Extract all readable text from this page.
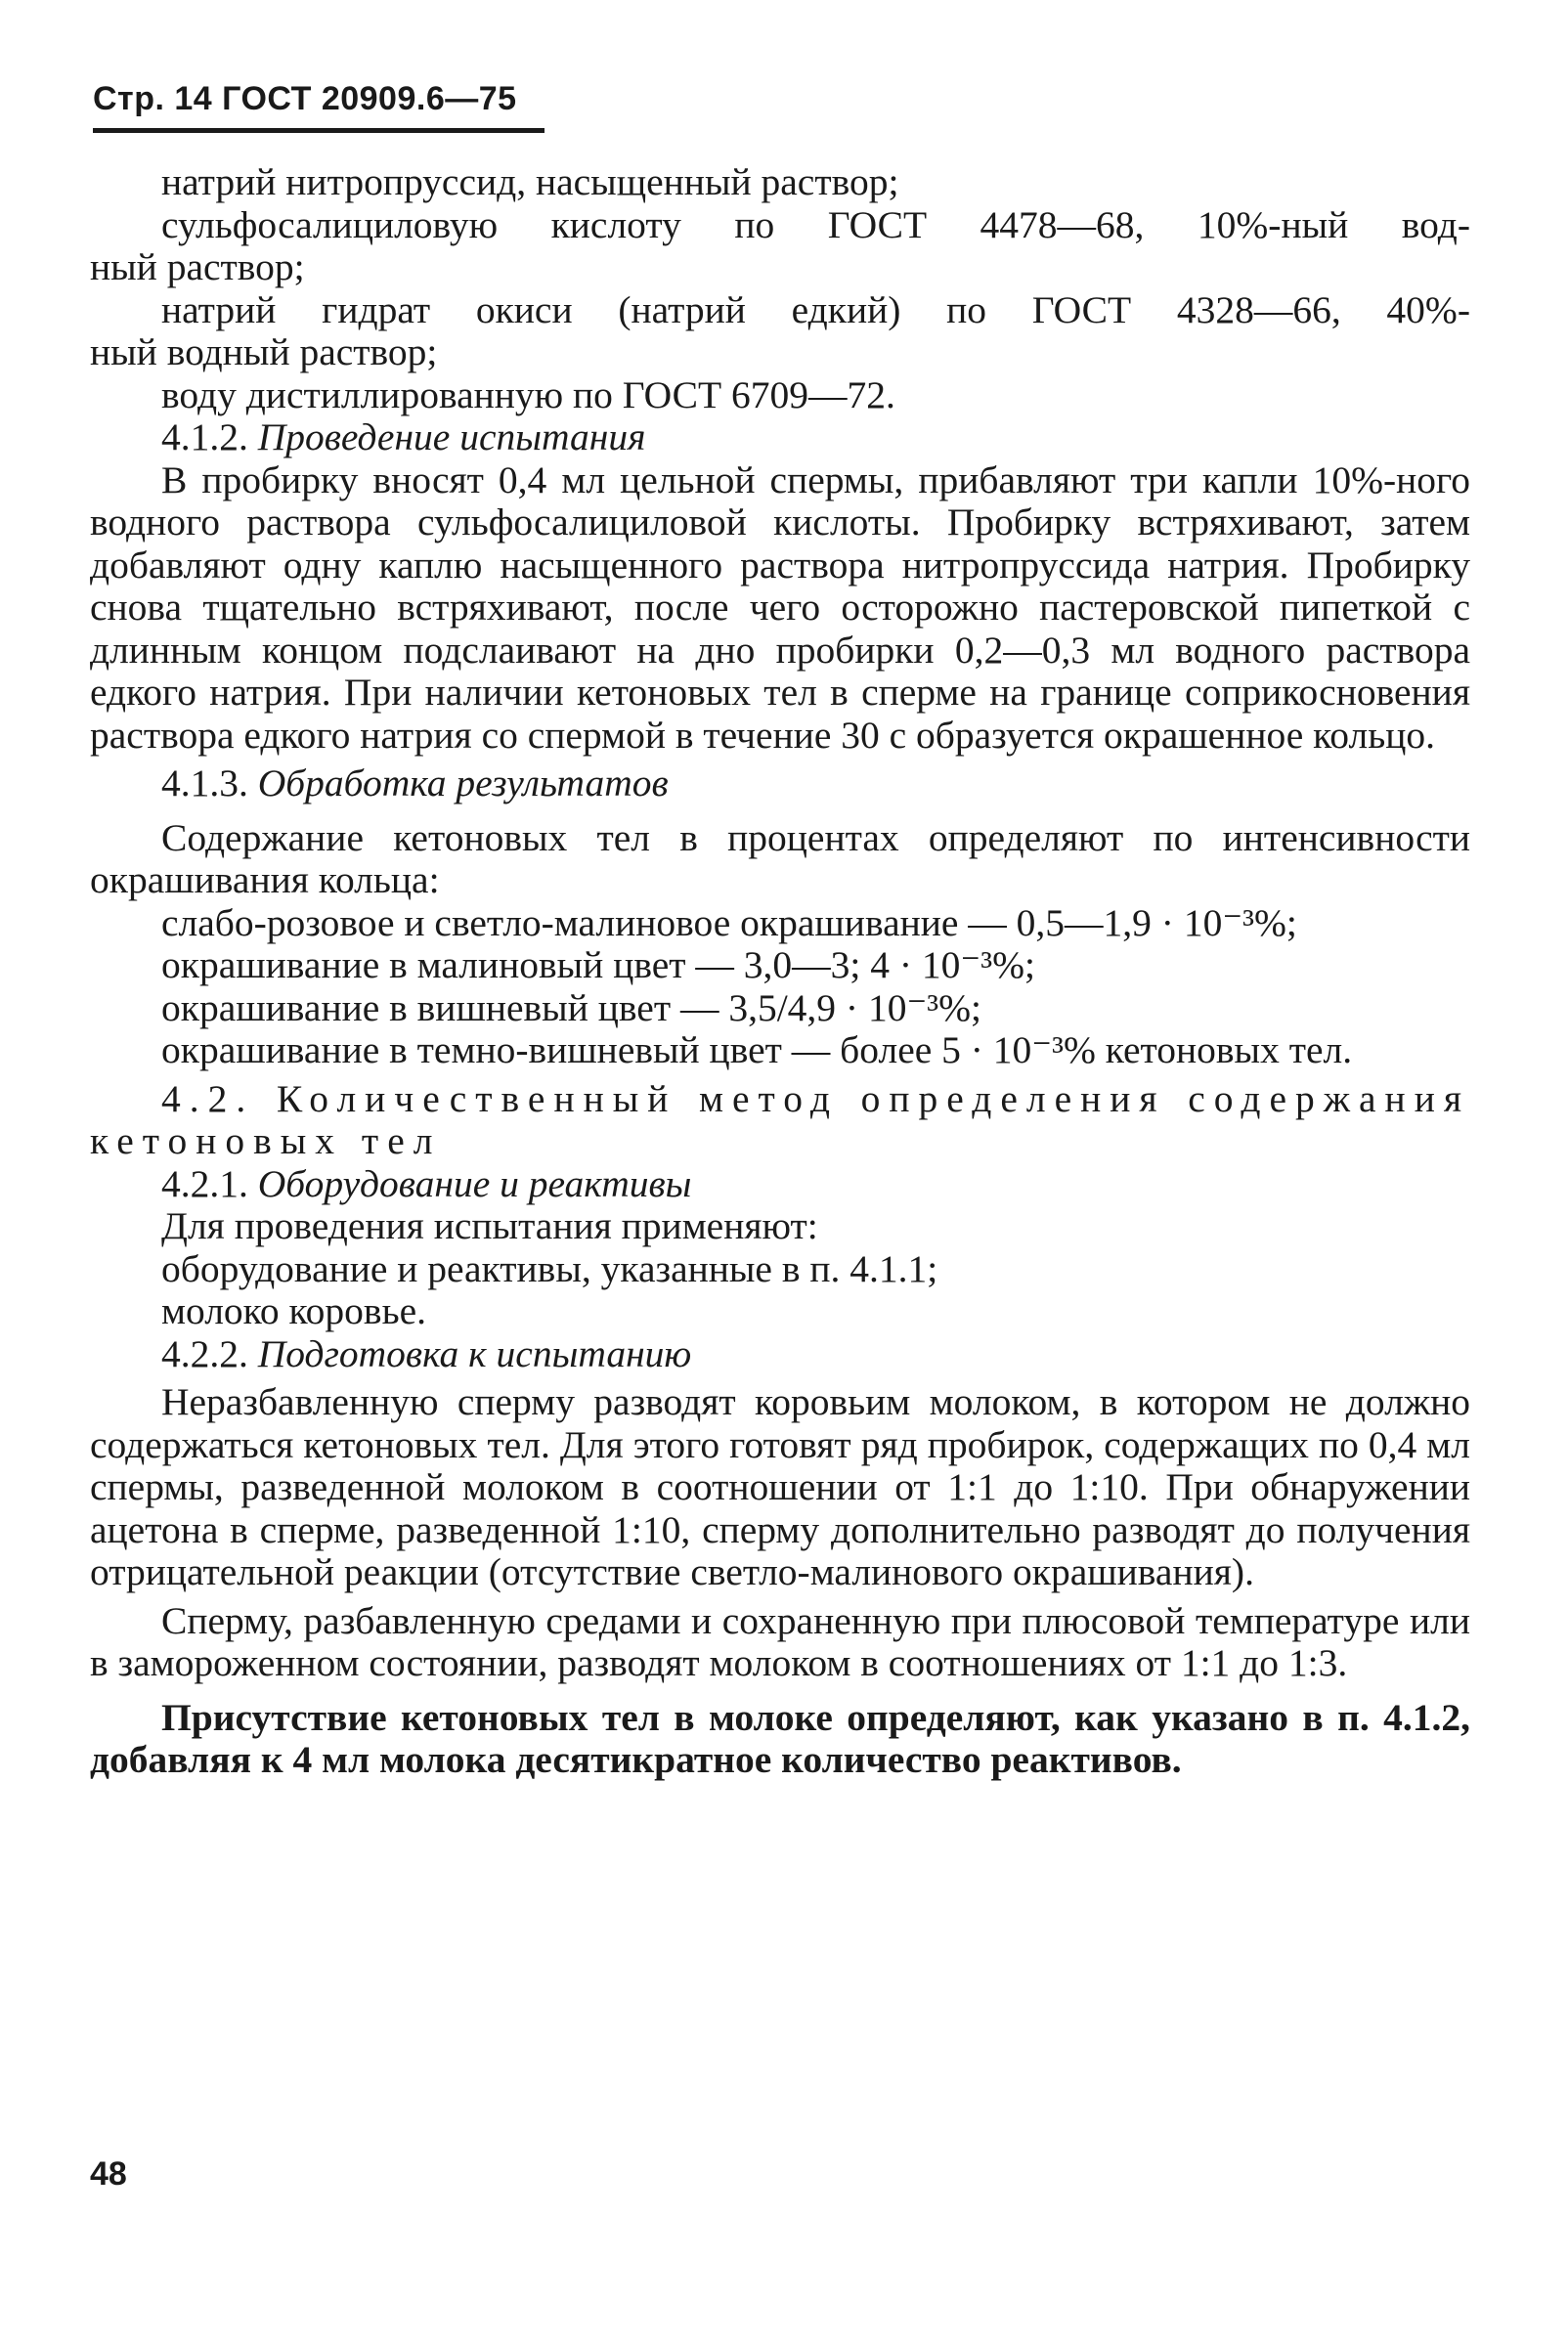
Стр. 14 ГОСТ 20909.6—75

натрий нитропруссид, насыщенный раствор;

сульфосалициловую кислоту по ГОСТ 4478—68, 10%-ный вод-

ный раствор;

натрий гидрат окиси (натрий едкий) по ГОСТ 4328—66, 40%-

ный водный раствор;

воду дистиллированную по ГОСТ 6709—72.

4.1.2. Проведение испытания

В пробирку вносят 0,4 мл цельной спермы, прибавляют три капли 10%-ного водного раствора сульфосалициловой кислоты. Пробирку встряхивают, затем добавляют одну каплю насыщенного раствора нитропруссида натрия. Пробирку снова тщательно встряхивают, после чего осторожно пастеровской пипеткой с длинным концом подслаивают на дно пробирки 0,2—0,3 мл водного раствора едкого натрия. При наличии кетоновых тел в сперме на границе соприкосновения раствора едкого натрия со спермой в течение 30 с образуется окрашенное кольцо.

4.1.3. Обработка результатов

Содержание кетоновых тел в процентах определяют по интенсивности окрашивания кольца:

слабо-розовое и светло-малиновое окрашивание — 0,5—1,9 · 10⁻³%;

окрашивание в малиновый цвет — 3,0—3; 4 · 10⁻³%;

окрашивание в вишневый цвет — 3,5/4,9 · 10⁻³%;

окрашивание в темно-вишневый цвет — более 5 · 10⁻³% кетоновых тел.

4.2. Количественный метод определения содержания кетоновых тел

4.2.1. Оборудование и реактивы

Для проведения испытания применяют:

оборудование и реактивы, указанные в п. 4.1.1;

молоко коровье.

4.2.2. Подготовка к испытанию

Неразбавленную сперму разводят коровьим молоком, в котором не должно содержаться кетоновых тел. Для этого готовят ряд пробирок, содержащих по 0,4 мл спермы, разведенной молоком в соотношении от 1:1 до 1:10. При обнаружении ацетона в сперме, разведенной 1:10, сперму дополнительно разводят до получения отрицательной реакции (отсутствие светло-малинового окрашивания).

Сперму, разбавленную средами и сохраненную при плюсовой температуре или в замороженном состоянии, разводят молоком в соотношениях от 1:1 до 1:3.

Присутствие кетоновых тел в молоке определяют, как указано в п. 4.1.2, добавляя к 4 мл молока десятикратное количество реактивов.

48
